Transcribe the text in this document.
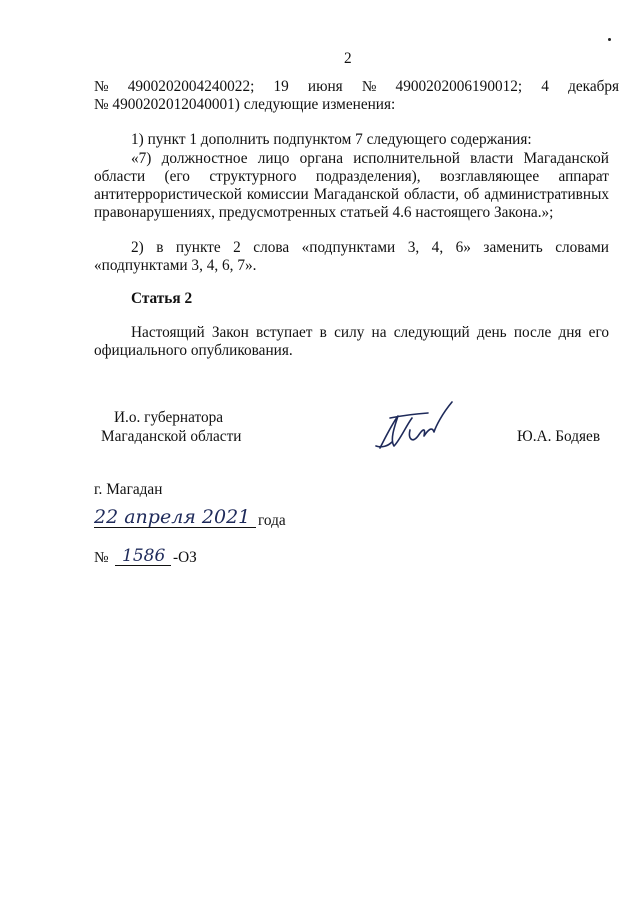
2
№     4900202004240022;     19     июня     №     4900202006190012;     4     декабря
№ 4900202012040001) следующие изменения:
1) пункт 1 дополнить подпунктом 7 следующего содержания:
«7) должностное лицо органа исполнительной власти Магаданской
области (его структурного подразделения), возглавляющее аппарат
антитеррористической комиссии Магаданской области, об административных
правонарушениях, предусмотренных статьей 4.6 настоящего Закона.»;
2) в пункте 2 слова «подпунктами 3, 4, 6» заменить словами
«подпунктами 3, 4, 6, 7».
Статья 2
Настоящий Закон вступает в силу на следующий день после дня его
официального опубликования.
И.о. губернатора
Магаданской области	Ю.А. Бодяев
г. Магадан
22 апреля 2021 года
№ 1586 -ОЗ
